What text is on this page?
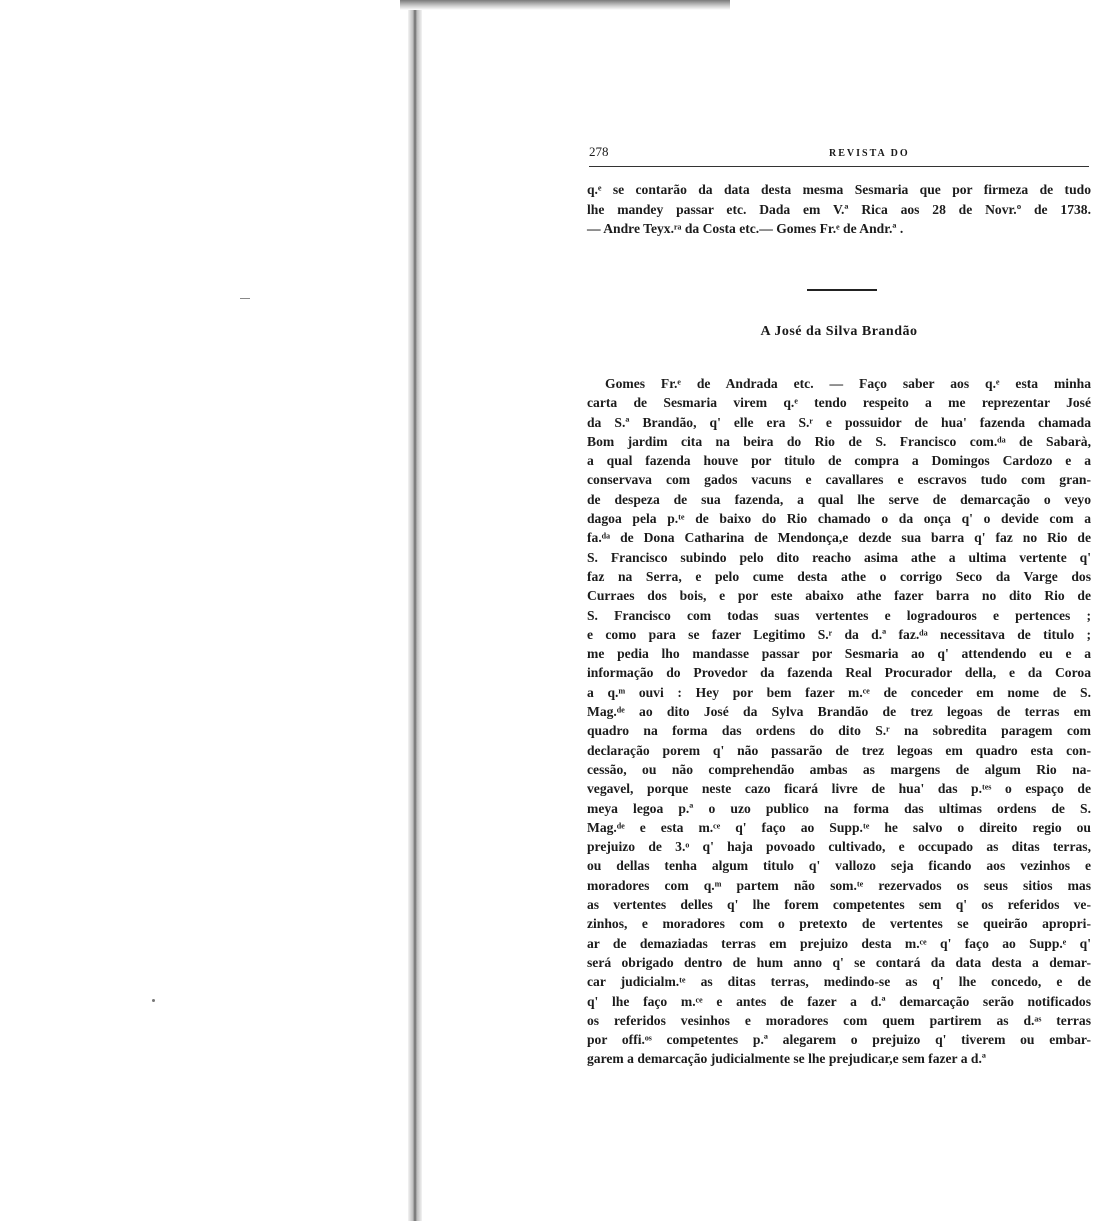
278	REVISTA DO
q.ᵉ se contarão da data desta mesma Sesmaria que por firmeza de tudo
lhe mandey passar etc. Dada em V.ª Rica aos 28 de Novr.º de 1738.
— Andre Teyx.ʳᵃ da Costa etc.— Gomes Fr.ᵉ de Andr.ª .
A José da Silva Brandão
Gomes Fr.ᵉ de Andrada etc. — Faço saber aos q.ᵉ esta minha
carta de Sesmaria virem q.ᵉ tendo respeito a me reprezentar José
da S.ª Brandão, q' elle era S.ʳ e possuidor de hua' fazenda chamada
Bom jardim cita na beira do Rio de S. Francisco com.ᵈᵃ de Sabarà,
a qual fazenda houve por titulo de compra a Domingos Cardozo e a
conservava com gados vacuns e cavallares e escravos tudo com gran-
de despeza de sua fazenda, a qual lhe serve de demarcação o veyo
dagoa pela p.ᵗᵉ de baixo do Rio chamado o da onça q' o devide com a
fa.ᵈᵃ de Dona Catharina de Mendonça,e dezde sua barra q' faz no Rio de
S. Francisco subindo pelo dito reacho asima athe a ultima vertente q'
faz na Serra, e pelo cume desta athe o corrigo Seco da Varge dos
Curraes dos bois, e por este abaixo athe fazer barra no dito Rio de
S. Francisco com todas suas vertentes e logradouros e pertences ;
e como para se fazer Legitimo S.ʳ da d.ª faz.ᵈᵃ necessitava de titulo ;
me pedia lho mandasse passar por Sesmaria ao q' attendendo eu e a
informação do Provedor da fazenda Real Procurador della, e da Coroa
a q.ᵐ ouvi : Hey por bem fazer m.ᶜᵉ de conceder em nome de S.
Mag.ᵈᵉ ao dito José da Sylva Brandão de trez legoas de terras em
quadro na forma das ordens do dito S.ʳ na sobredita paragem com
declaração porem q' não passarão de trez legoas em quadro esta con-
cessão, ou não comprehendão ambas as margens de algum Rio na-
vegavel, porque neste cazo ficará livre de hua' das p.ᵗᵉˢ o espaço de
meya legoa p.ª o uzo publico na forma das ultimas ordens de S.
Mag.ᵈᵉ e esta m.ᶜᵉ q' faço ao Supp.ᵗᵉ he salvo o direito regio ou
prejuizo de 3.ᵒ q' haja povoado cultivado, e occupado as ditas terras,
ou dellas tenha algum titulo q' vallozo seja ficando aos vezinhos e
moradores com q.ᵐ partem não som.ᵗᵉ rezervados os seus sitios mas
as vertentes delles q' lhe forem competentes sem q' os referidos ve-
zinhos, e moradores com o pretexto de vertentes se queirão apropri-
ar de demaziadas terras em prejuizo desta m.ᶜᵉ q' faço ao Supp.ᵉ q'
será obrigado dentro de hum anno q' se contará da data desta a demar-
car judicialm.ᵗᵉ as ditas terras, medindo-se as q' lhe concedo, e de
q' lhe faço m.ᶜᵉ e antes de fazer a d.ª demarcação serão notificados
os referidos vesinhos e moradores com quem partirem as d.ᵃˢ terras
por offi.ᵒˢ competentes p.ª alegarem o prejuizo q' tiverem ou embar-
garem a demarcação judicialmente se lhe prejudicar,e sem fazer a d.ª
